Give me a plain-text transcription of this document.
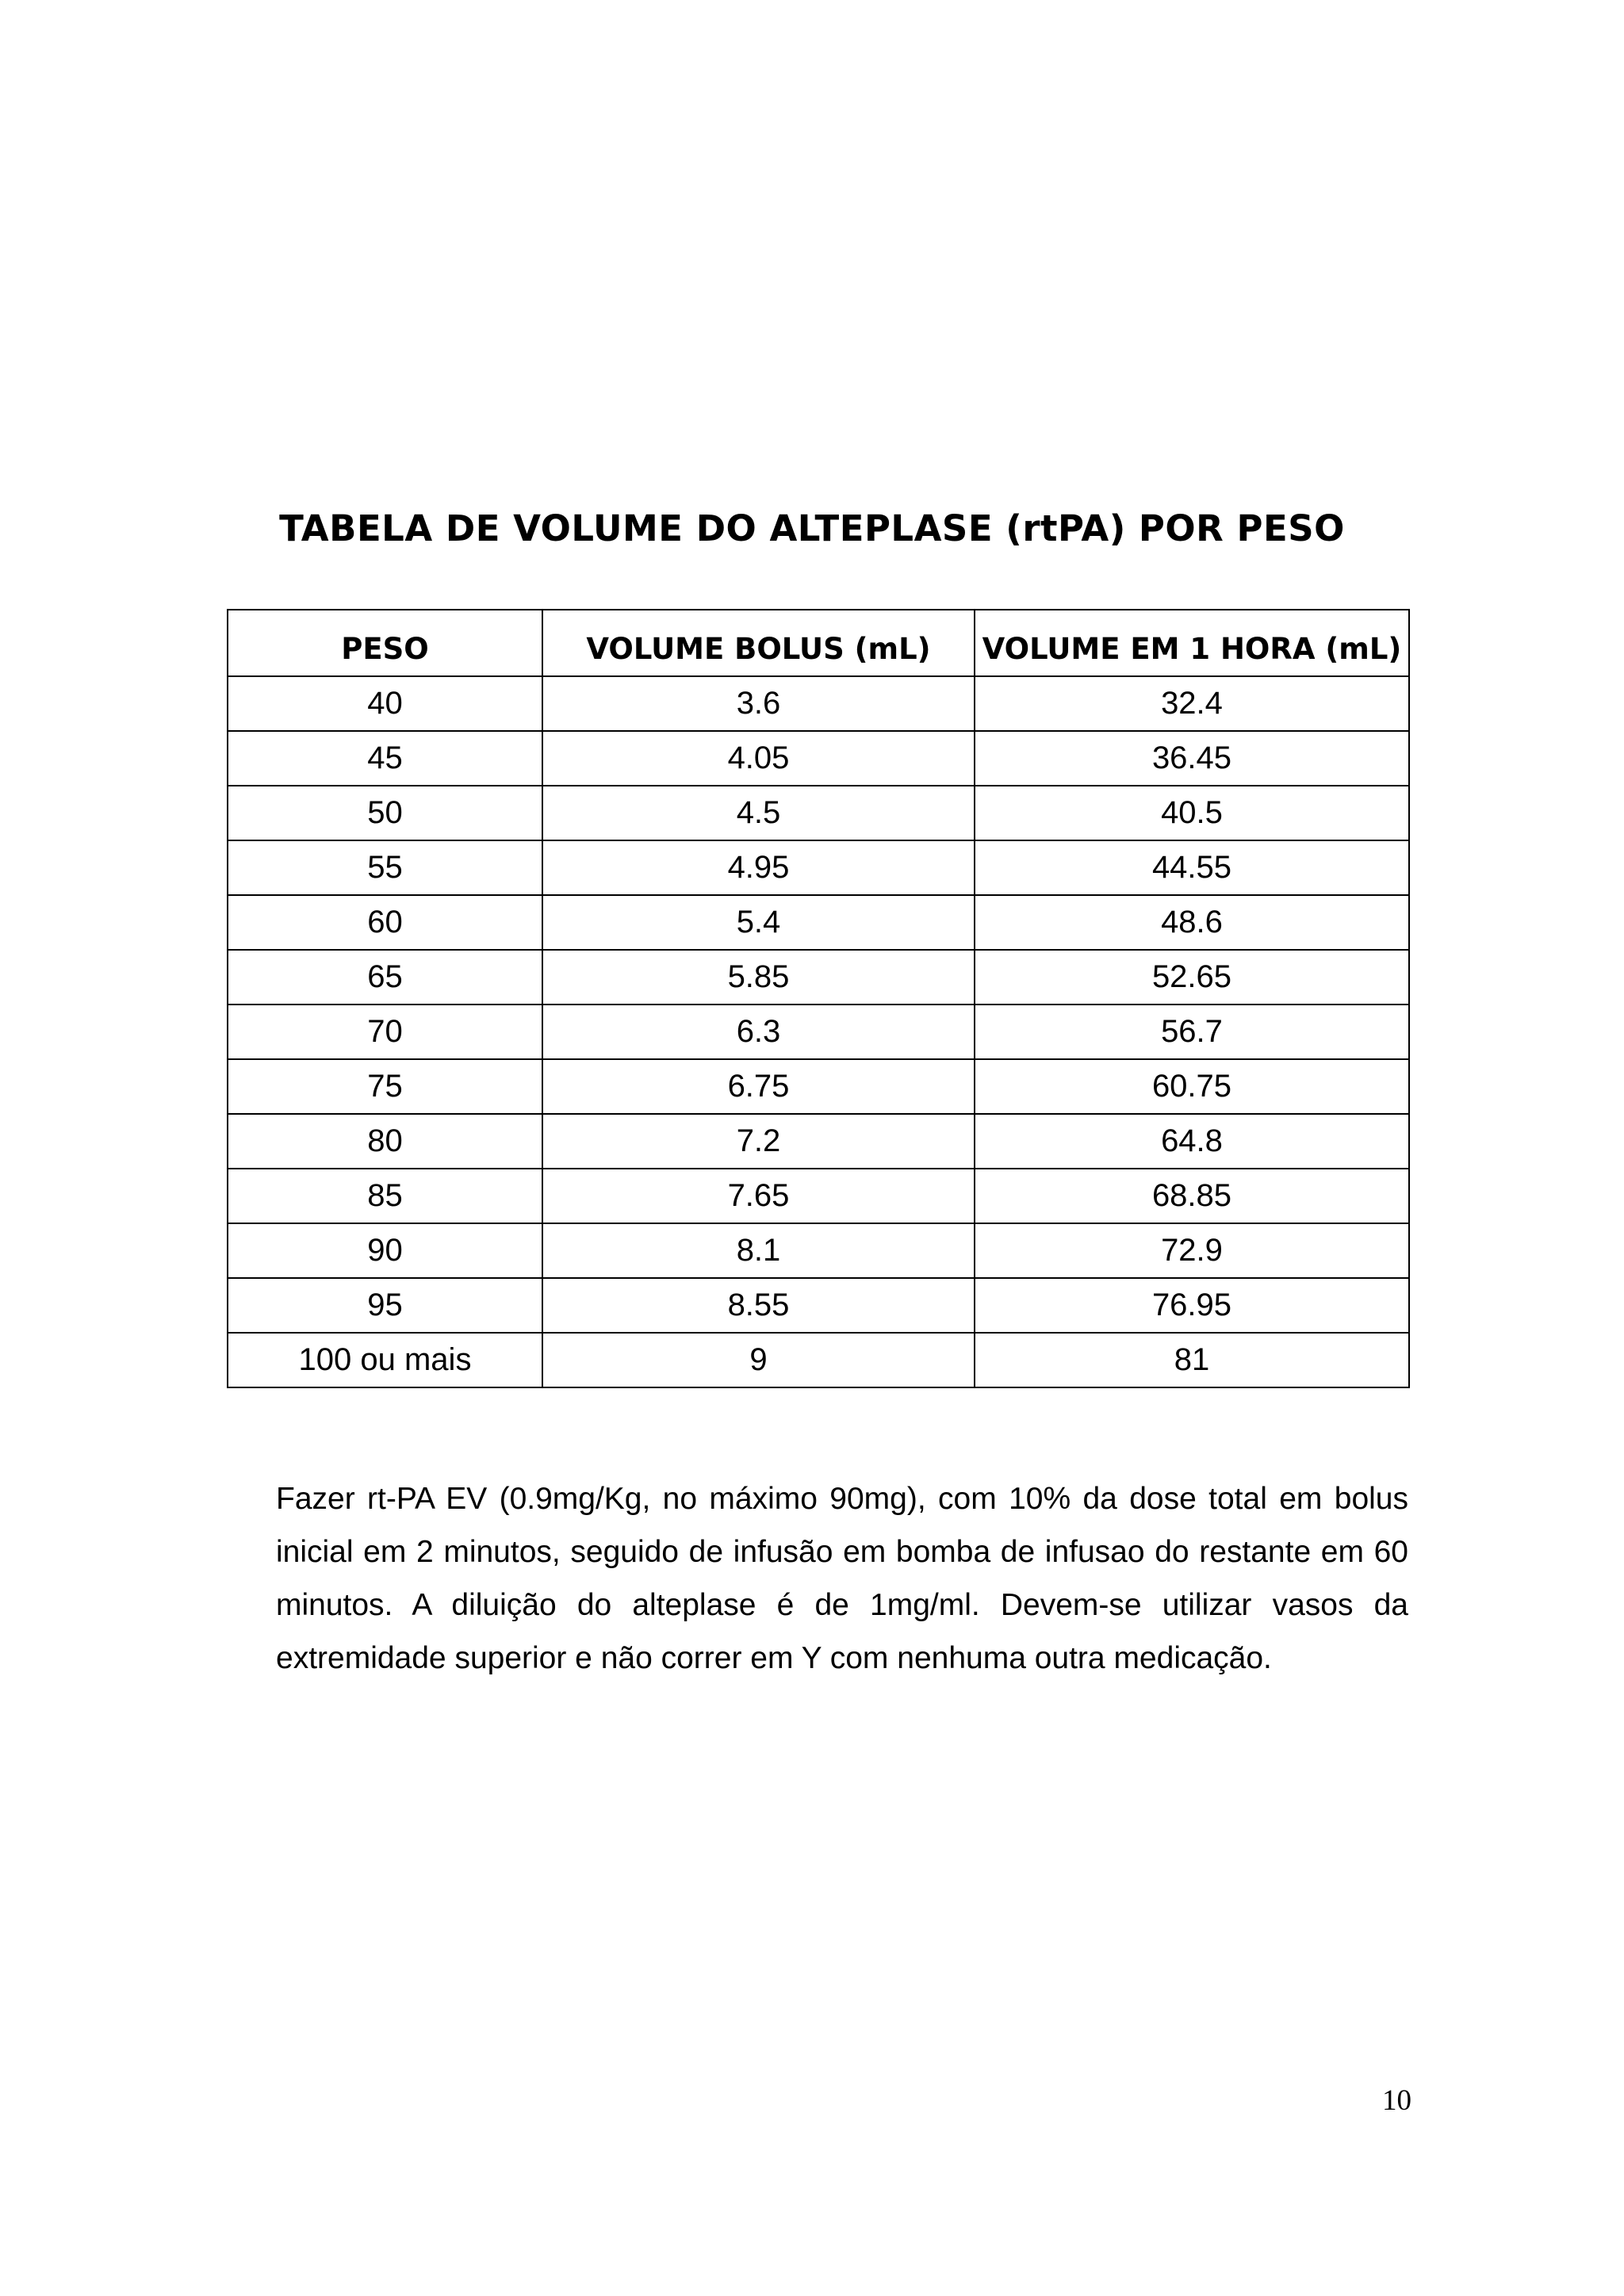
TABELA DE VOLUME DO ALTEPLASE (rtPA) POR PESO
PESO	VOLUME BOLUS (mL)	VOLUME EM 1 HORA (mL)
40	3.6	32.4
45	4.05	36.45
50	4.5	40.5
55	4.95	44.55
60	5.4	48.6
65	5.85	52.65
70	6.3	56.7
75	6.75	60.75
80	7.2	64.8
85	7.65	68.85
90	8.1	72.9
95	8.55	76.95
100 ou mais	9	81

Fazer rt-PA EV (0.9mg/Kg, no máximo 90mg), com 10% da dose total em bolus inicial em 2 minutos, seguido de infusão em bomba de infusao do restante em 60 minutos. A diluição do alteplase é de 1mg/ml. Devem-se utilizar vasos da extremidade superior e não correr em Y com nenhuma outra medicação.

10
